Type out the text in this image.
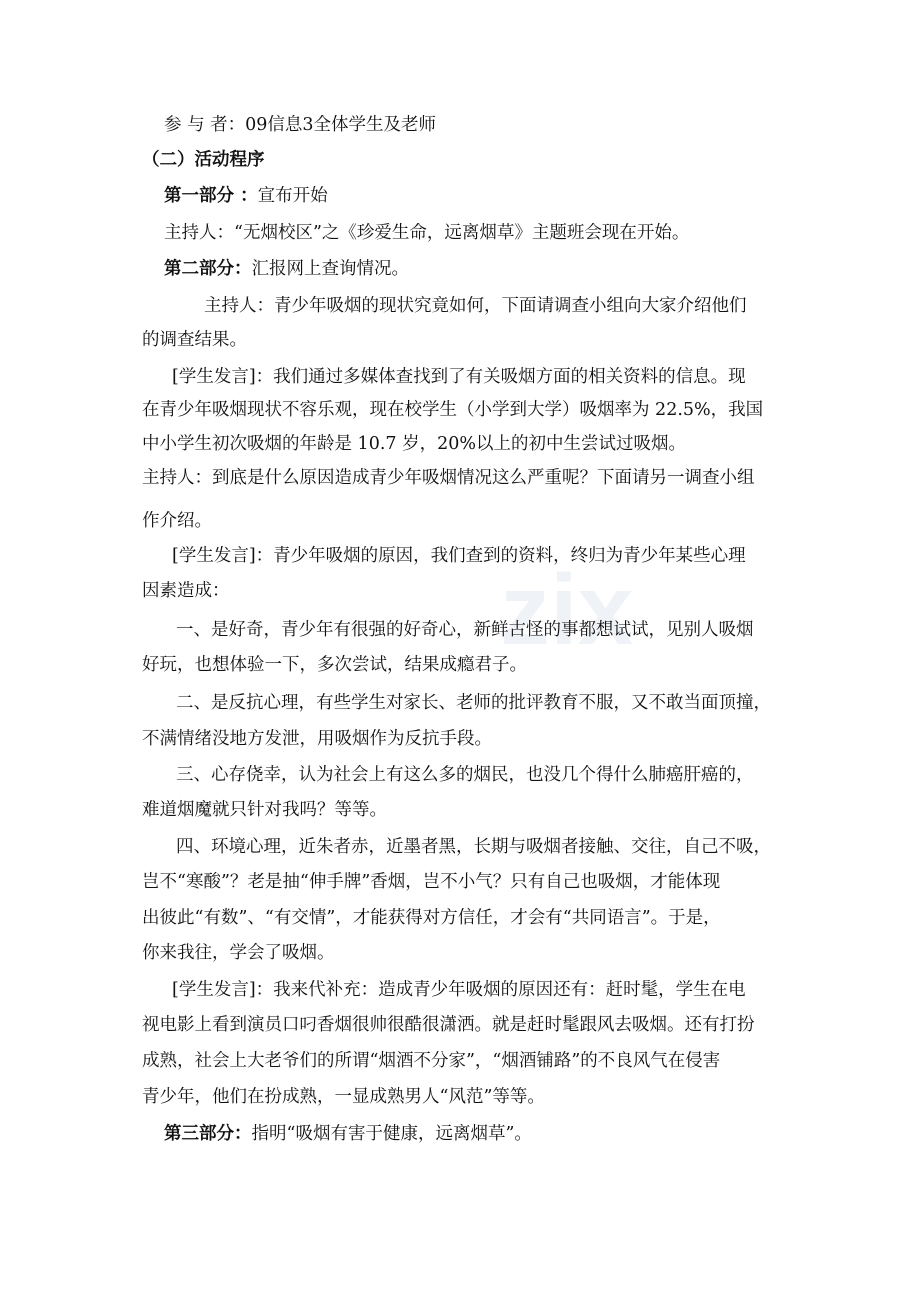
zix
参 与 者：09信息3全体学生及老师
（二）活动程序
第一部分 ：宣布开始
主持人：“无烟校区”之《珍爱生命，远离烟草》主题班会现在开始。
第二部分：汇报网上查询情况。
主持人：青少年吸烟的现状究竟如何，下面请调查小组向大家介绍他们
的调查结果。
[学生发言]：我们通过多媒体查找到了有关吸烟方面的相关资料的信息。现
在青少年吸烟现状不容乐观，现在校学生（小学到大学）吸烟率为 22.5%，我国
中小学生初次吸烟的年龄是 10.7 岁，20%以上的初中生尝试过吸烟。
主持人：到底是什么原因造成青少年吸烟情况这么严重呢？下面请另一调查小组
作介绍。
[学生发言]：青少年吸烟的原因，我们查到的资料，终归为青少年某些心理
因素造成：
一、是好奇，青少年有很强的好奇心，新鲜古怪的事都想试试，见别人吸烟
好玩，也想体验一下，多次尝试，结果成瘾君子。
二、是反抗心理，有些学生对家长、老师的批评教育不服，又不敢当面顶撞，
不满情绪没地方发泄，用吸烟作为反抗手段。
三、心存侥幸，认为社会上有这么多的烟民，也没几个得什么肺癌肝癌的，
难道烟魔就只针对我吗？等等。
四、环境心理，近朱者赤，近墨者黑，长期与吸烟者接触、交往，自己不吸，
岂不“寒酸”？老是抽“伸手牌”香烟，岂不小气？只有自己也吸烟，才能体现
出彼此“有数”、“有交情”，才能获得对方信任，才会有“共同语言”。于是，
你来我往，学会了吸烟。
[学生发言]：我来代补充：造成青少年吸烟的原因还有：赶时髦，学生在电
视电影上看到演员口叼香烟很帅很酷很潇洒。就是赶时髦跟风去吸烟。还有打扮
成熟，社会上大老爷们的所谓“烟酒不分家”，“烟酒铺路”的不良风气在侵害
青少年，他们在扮成熟，一显成熟男人“风范”等等。
第三部分：指明“吸烟有害于健康，远离烟草”。
